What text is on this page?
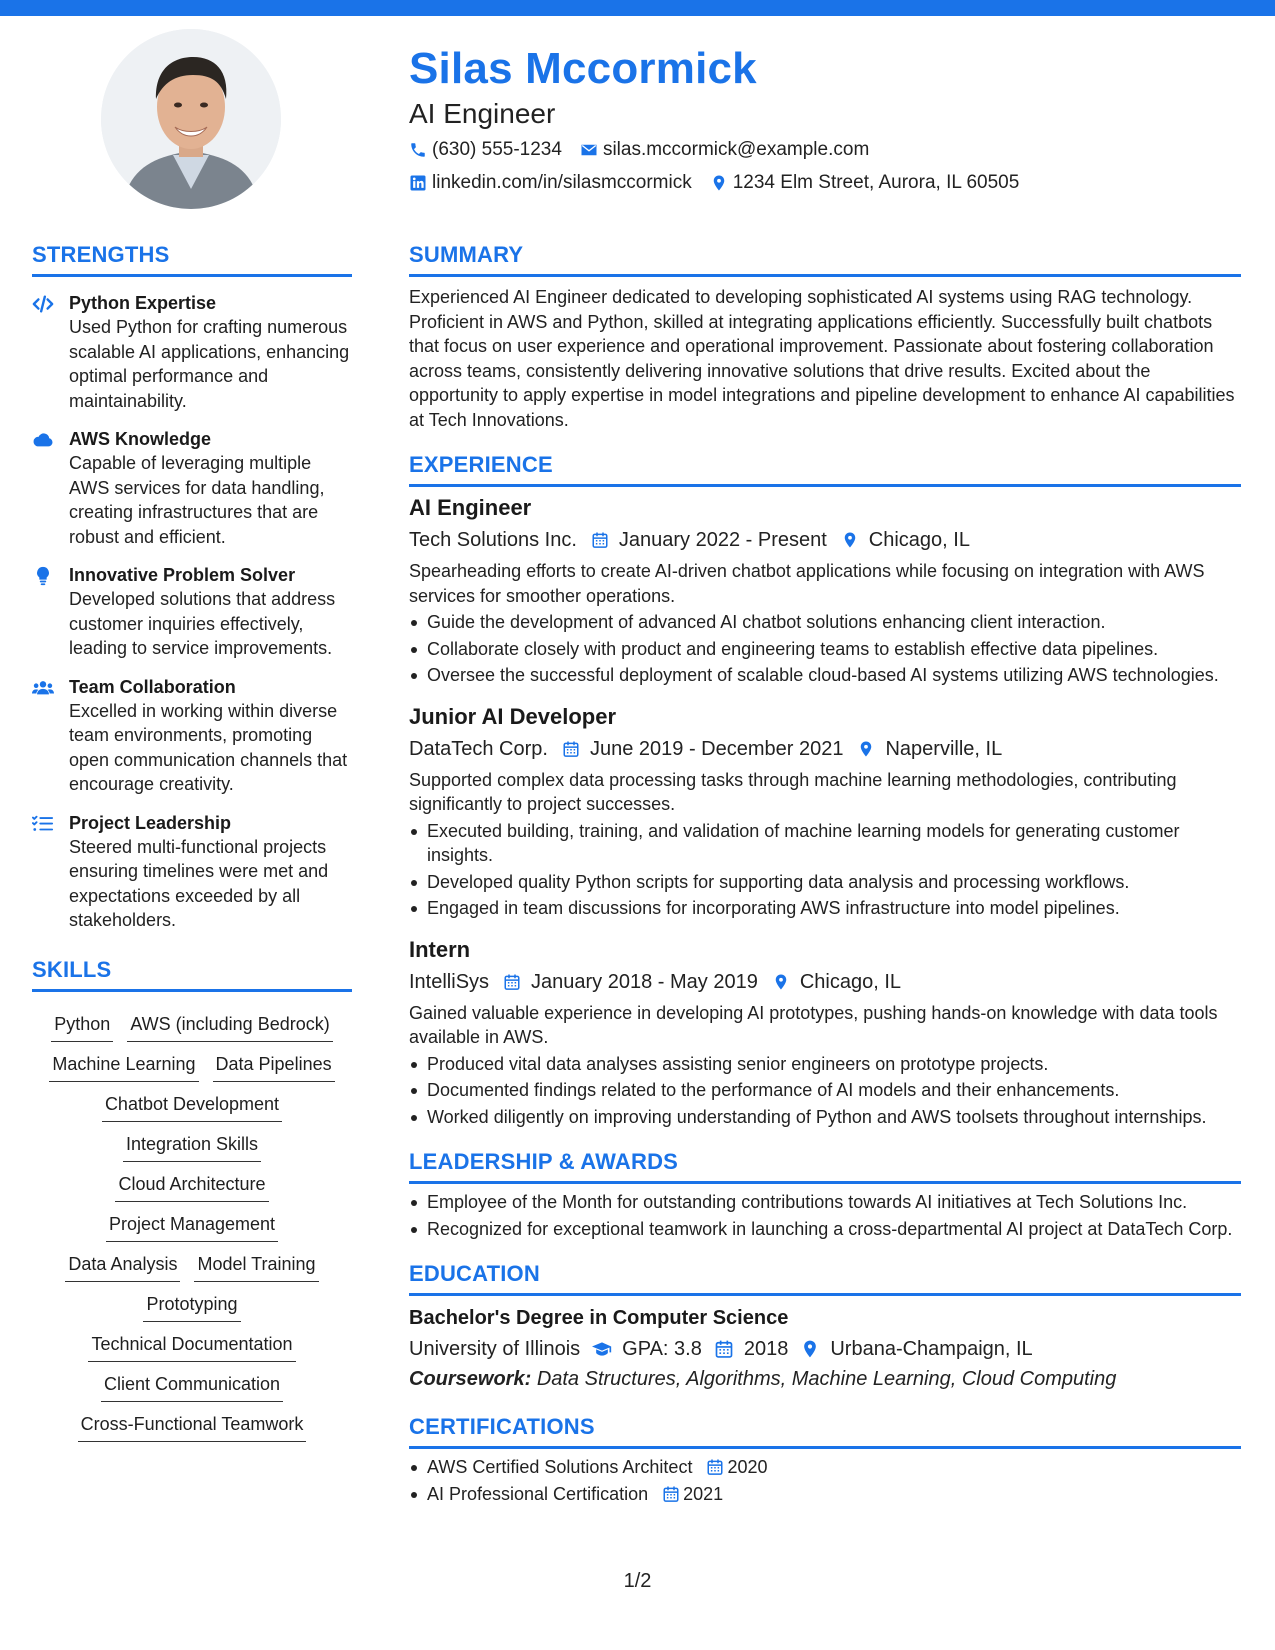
Silas Mccormick
AI Engineer
(630) 555-1234 silas.mccormick@example.com
linkedin.com/in/silasmccormick 1234 Elm Street, Aurora, IL 60505
STRENGTHS
Python Expertise
Used Python for crafting numerous scalable AI applications, enhancing optimal performance and maintainability.
AWS Knowledge
Capable of leveraging multiple AWS services for data handling, creating infrastructures that are robust and efficient.
Innovative Problem Solver
Developed solutions that address customer inquiries effectively, leading to service improvements.
Team Collaboration
Excelled in working within diverse team environments, promoting open communication channels that encourage creativity.
Project Leadership
Steered multi-functional projects ensuring timelines were met and expectations exceeded by all stakeholders.
SKILLS
Python AWS (including Bedrock)
Machine Learning Data Pipelines
Chatbot Development
Integration Skills
Cloud Architecture
Project Management
Data Analysis Model Training
Prototyping
Technical Documentation
Client Communication
Cross-Functional Teamwork
SUMMARY
Experienced AI Engineer dedicated to developing sophisticated AI systems using RAG technology. Proficient in AWS and Python, skilled at integrating applications efficiently. Successfully built chatbots that focus on user experience and operational improvement. Passionate about fostering collaboration across teams, consistently delivering innovative solutions that drive results. Excited about the opportunity to apply expertise in model integrations and pipeline development to enhance AI capabilities at Tech Innovations.
EXPERIENCE
AI Engineer
Tech Solutions Inc. January 2022 - Present Chicago, IL
Spearheading efforts to create AI-driven chatbot applications while focusing on integration with AWS services for smoother operations.
Guide the development of advanced AI chatbot solutions enhancing client interaction.
Collaborate closely with product and engineering teams to establish effective data pipelines.
Oversee the successful deployment of scalable cloud-based AI systems utilizing AWS technologies.
Junior AI Developer
DataTech Corp. June 2019 - December 2021 Naperville, IL
Supported complex data processing tasks through machine learning methodologies, contributing significantly to project successes.
Executed building, training, and validation of machine learning models for generating customer insights.
Developed quality Python scripts for supporting data analysis and processing workflows.
Engaged in team discussions for incorporating AWS infrastructure into model pipelines.
Intern
IntelliSys January 2018 - May 2019 Chicago, IL
Gained valuable experience in developing AI prototypes, pushing hands-on knowledge with data tools available in AWS.
Produced vital data analyses assisting senior engineers on prototype projects.
Documented findings related to the performance of AI models and their enhancements.
Worked diligently on improving understanding of Python and AWS toolsets throughout internships.
LEADERSHIP & AWARDS
Employee of the Month for outstanding contributions towards AI initiatives at Tech Solutions Inc.
Recognized for exceptional teamwork in launching a cross-departmental AI project at DataTech Corp.
EDUCATION
Bachelor's Degree in Computer Science
University of Illinois GPA: 3.8 2018 Urbana-Champaign, IL
Coursework: Data Structures, Algorithms, Machine Learning, Cloud Computing
CERTIFICATIONS
AWS Certified Solutions Architect 2020
AI Professional Certification 2021
1/2
